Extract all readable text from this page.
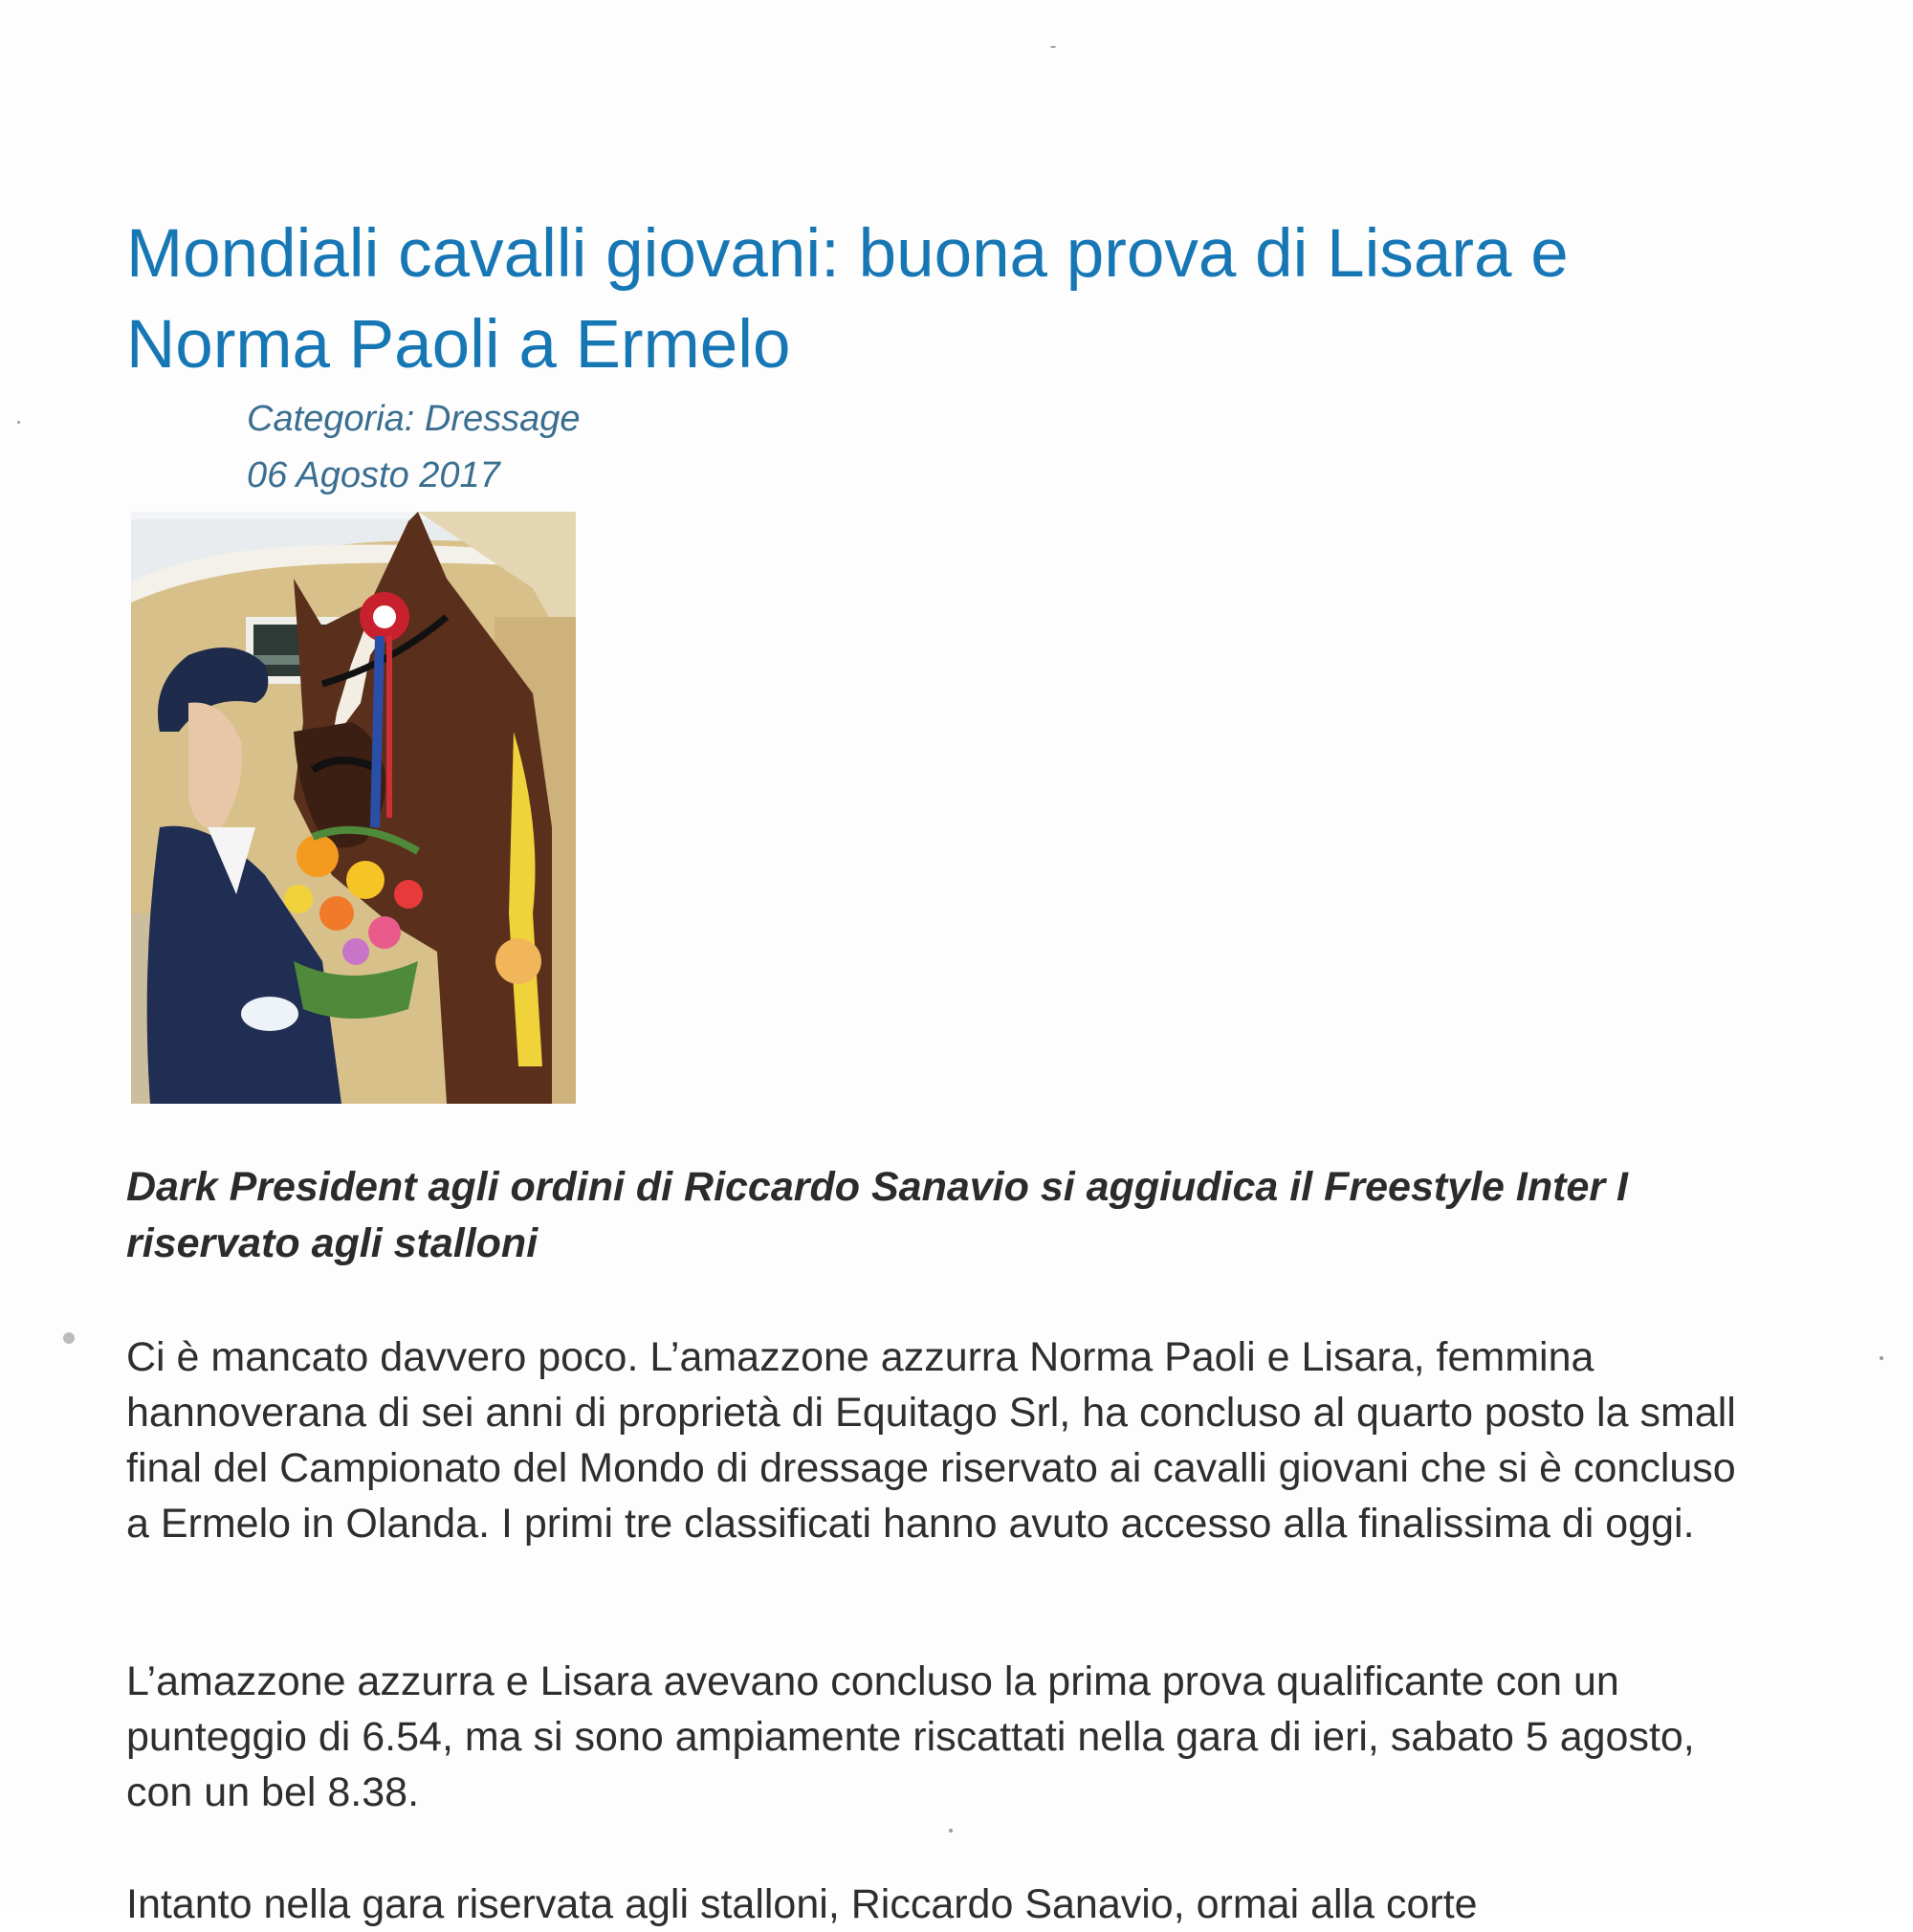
Mondiali cavalli giovani: buona prova di Lisara e Norma Paoli a Ermelo
Categoria: Dressage
06 Agosto 2017
Dark President agli ordini di Riccardo Sanavio si aggiudica il Freestyle Inter I riservato agli stalloni

Ci è mancato davvero poco. L’amazzone azzurra Norma Paoli e Lisara, femmina hannoverana di sei anni di proprietà di Equitago Srl, ha concluso al quarto posto la small final del Campionato del Mondo di dressage riservato ai cavalli giovani che si è concluso a Ermelo in Olanda. I primi tre classificati hanno avuto accesso alla finalissima di oggi.

L’amazzone azzurra e Lisara avevano concluso la prima prova qualificante con un punteggio di 6.54, ma si sono ampiamente riscattati nella gara di ieri, sabato 5 agosto, con un bel 8.38.

Intanto nella gara riservata agli stalloni, Riccardo Sanavio, ormai alla corte
